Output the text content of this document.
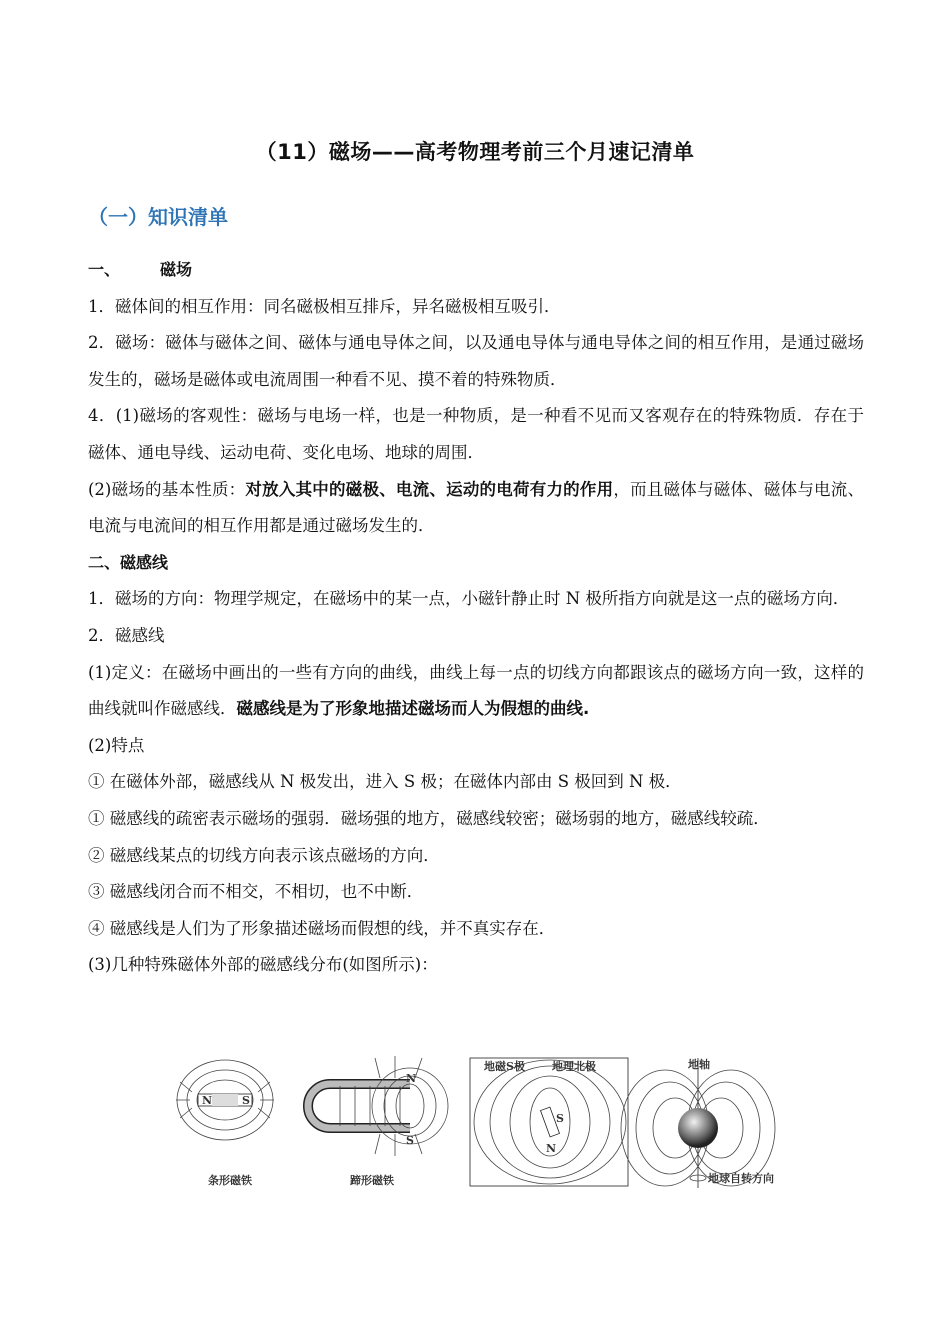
（11）磁场——高考物理考前三个月速记清单
（一）知识清单

一、	磁场

1．磁体间的相互作用：同名磁极相互排斥，异名磁极相互吸引．

2．磁场：磁体与磁体之间、磁体与通电导体之间，以及通电导体与通电导体之间的相互作用，是通过磁场发生的，磁场是磁体或电流周围一种看不见、摸不着的特殊物质．

4．(1)磁场的客观性：磁场与电场一样，也是一种物质，是一种看不见而又客观存在的特殊物质．存在于磁体、通电导线、运动电荷、变化电场、地球的周围．

(2)磁场的基本性质：对放入其中的磁极、电流、运动的电荷有力的作用，而且磁体与磁体、磁体与电流、电流与电流间的相互作用都是通过磁场发生的．

二、磁感线

1．磁场的方向：物理学规定，在磁场中的某一点，小磁针静止时 N 极所指方向就是这一点的磁场方向．

2．磁感线

(1)定义：在磁场中画出的一些有方向的曲线，曲线上每一点的切线方向都跟该点的磁场方向一致，这样的曲线就叫作磁感线．磁感线是为了形象地描述磁场而人为假想的曲线.

(2)特点

① 在磁体外部，磁感线从 N 极发出，进入 S 极；在磁体内部由 S 极回到 N 极．

① 磁感线的疏密表示磁场的强弱．磁场强的地方，磁感线较密；磁场弱的地方，磁感线较疏．

② 磁感线某点的切线方向表示该点磁场的方向．

③ 磁感线闭合而不相交，不相切，也不中断．

④ 磁感线是人们为了形象描述磁场而假想的线，并不真实存在．

(3)几种特殊磁体外部的磁感线分布(如图所示)：

N	S
条形磁铁
N
S
蹄形磁铁
地磁S极 地理北极
S
N
地轴
地球自转方向
